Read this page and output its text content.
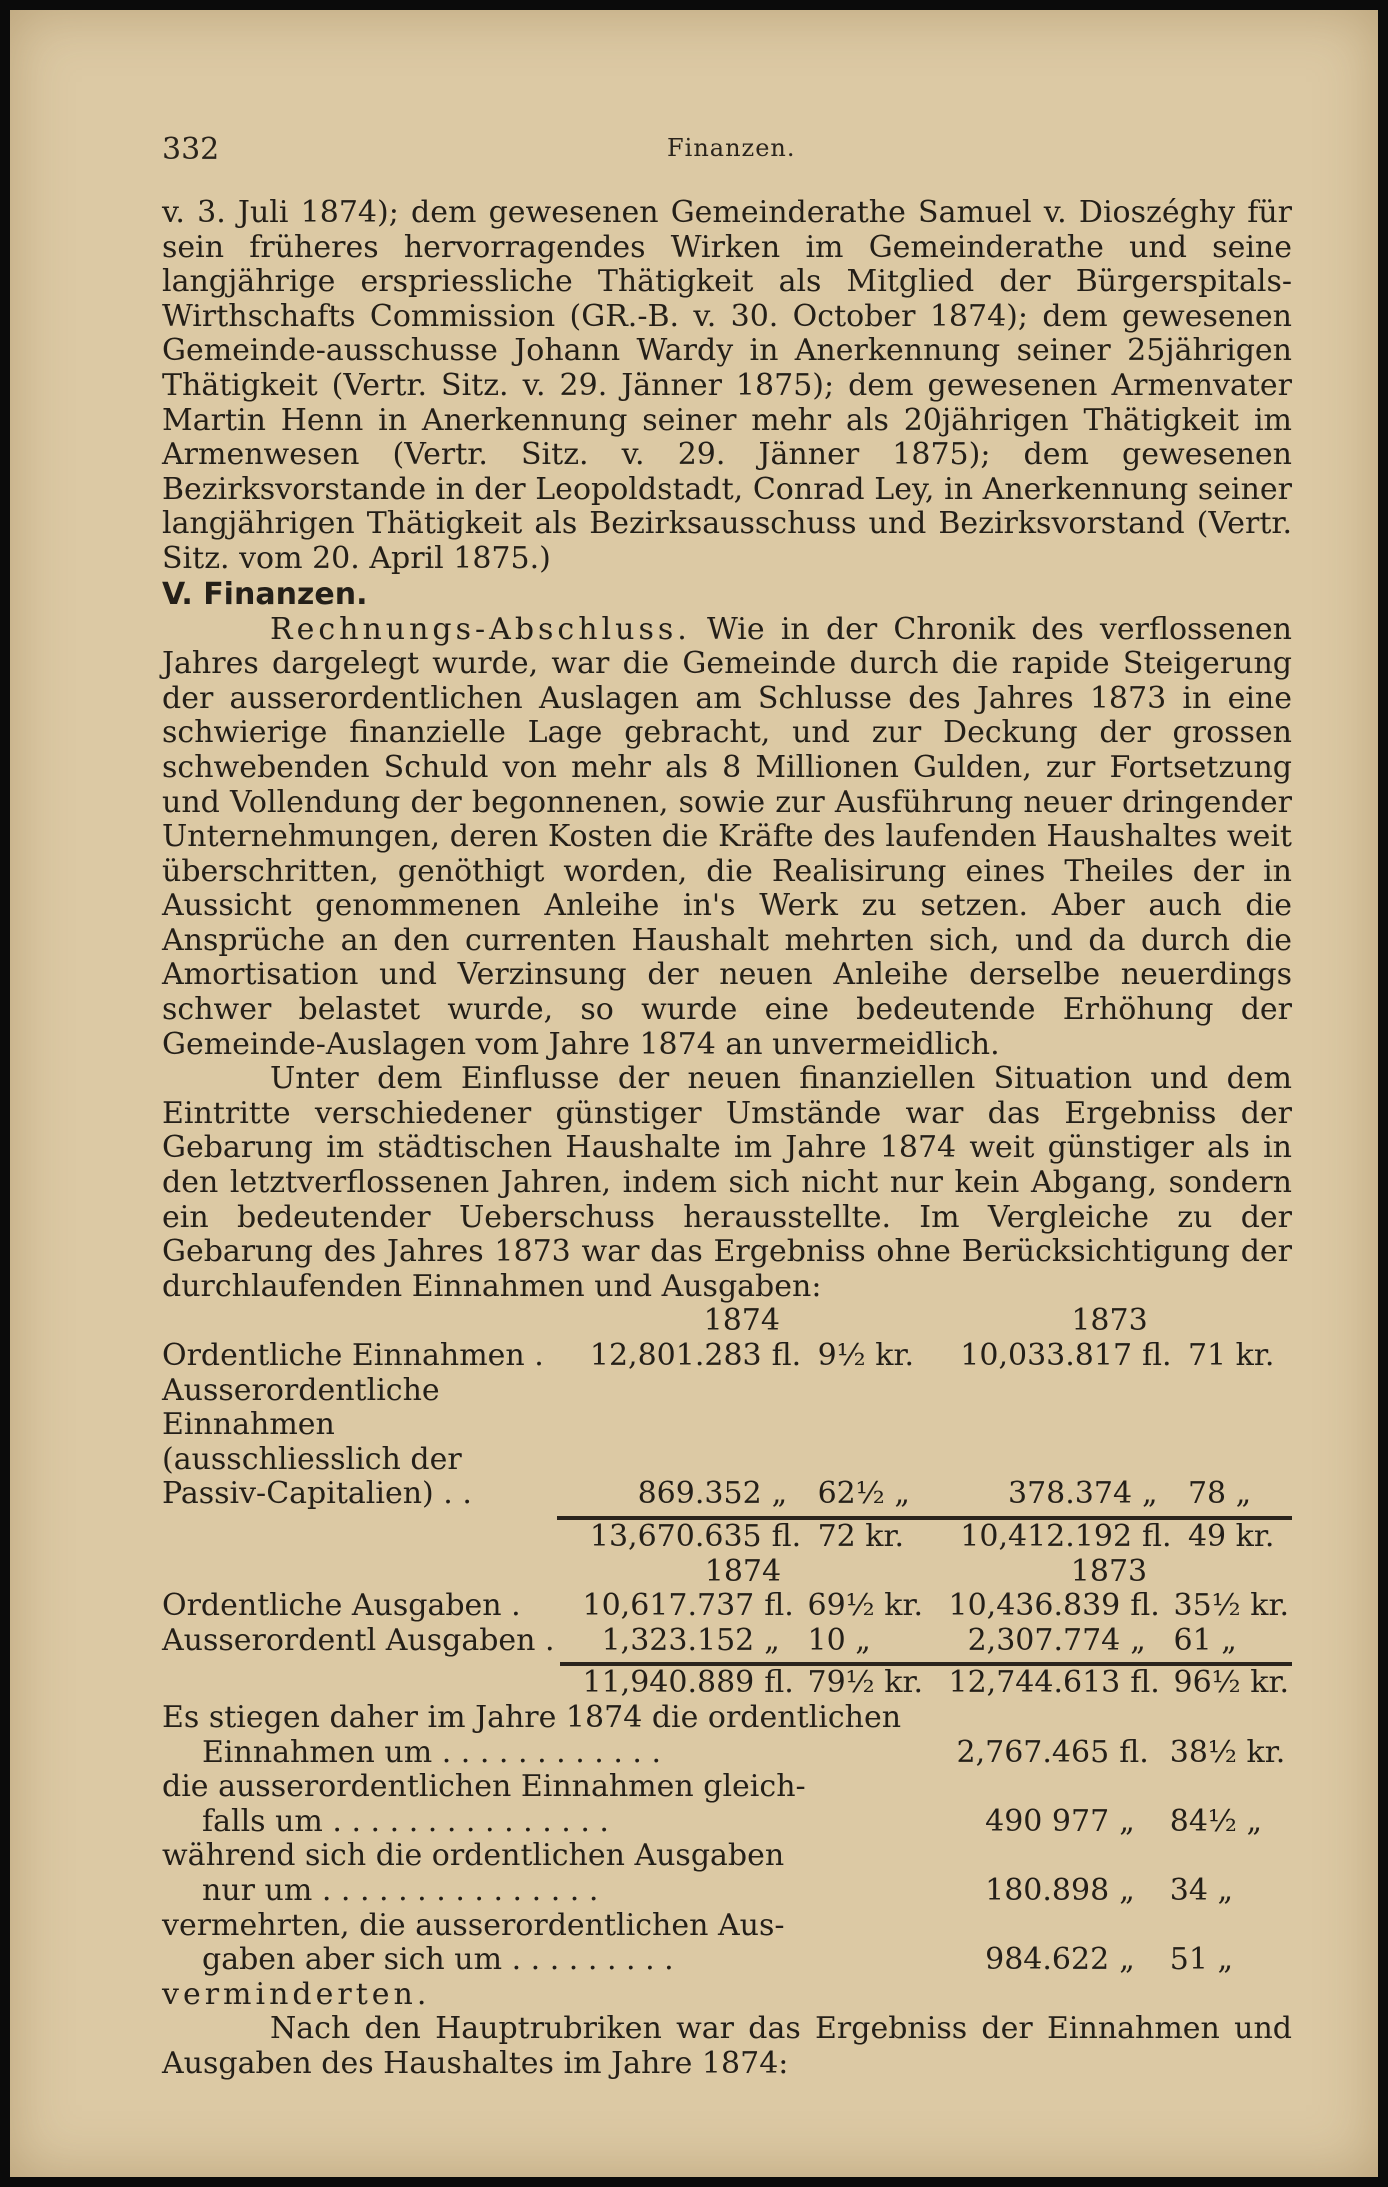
332	Finanzen.

v. 3. Juli 1874); dem gewesenen Gemeinderathe Samuel v. Dioszéghy für sein früheres hervorragendes Wirken im Gemeinderathe und seine langjährige erspriessliche Thätigkeit als Mitglied der Bürgerspitals-Wirthschafts Commission (GR.-B. v. 30. October 1874); dem gewesenen Gemeinde-ausschusse Johann Wardy in Anerkennung seiner 25jährigen Thätigkeit (Vertr. Sitz. v. 29. Jänner 1875); dem gewesenen Armenvater Martin Henn in Anerkennung seiner mehr als 20jährigen Thätigkeit im Armenwesen (Vertr. Sitz. v. 29. Jänner 1875); dem gewesenen Bezirksvorstande in der Leopoldstadt, Conrad Ley, in Anerkennung seiner langjährigen Thätigkeit als Bezirksausschuss und Bezirksvorstand (Vertr. Sitz. vom 20. April 1875.)

V. Finanzen.

Rechnungs-Abschluss. Wie in der Chronik des verflossenen Jahres dargelegt wurde, war die Gemeinde durch die rapide Steigerung der ausserordentlichen Auslagen am Schlusse des Jahres 1873 in eine schwierige finanzielle Lage gebracht, und zur Deckung der grossen schwebenden Schuld von mehr als 8 Millionen Gulden, zur Fortsetzung und Vollendung der begonnenen, sowie zur Ausführung neuer dringender Unternehmungen, deren Kosten die Kräfte des laufenden Haushaltes weit überschritten, genöthigt worden, die Realisirung eines Theiles der in Aussicht genommenen Anleihe in's Werk zu setzen. Aber auch die Ansprüche an den currenten Haushalt mehrten sich, und da durch die Amortisation und Verzinsung der neuen Anleihe derselbe neuerdings schwer belastet wurde, so wurde eine bedeutende Erhöhung der Gemeinde-Auslagen vom Jahre 1874 an unvermeidlich.

Unter dem Einflusse der neuen finanziellen Situation und dem Eintritte verschiedener günstiger Umstände war das Ergebniss der Gebarung im städtischen Haushalte im Jahre 1874 weit günstiger als in den letztverflossenen Jahren, indem sich nicht nur kein Abgang, sondern ein bedeutender Ueberschuss herausstellte. Im Vergleiche zu der Gebarung des Jahres 1873 war das Ergebniss ohne Berücksichtigung der durchlaufenden Einnahmen und Ausgaben:

	1874			1873		
Ordentliche Einnahmen .	12,801.283	fl.	9½ kr.	10,033.817	fl.	71 kr.
Ausserordentliche Einnahmen (ausschliesslich der Passiv-Capitalien) . .	869.352	„	62½ „	378.374	„	78 „

	13,670.635	fl.	72 kr.	10,412.192	fl.	49 kr.
	1874			1873		
Ordentliche Ausgaben .	10,617.737	fl.	69½ kr.	10,436.839	fl.	35½ kr.
Ausserordentl Ausgaben .	1,323.152	„	10 „	2,307.774	„	61 „

	11,940.889	fl.	79½ kr.	12,744.613	fl.	96½ kr.
Es stiegen daher im Jahre 1874 die ordentlichen			
Einnahmen um . . . . . . . . . . . .	2,767.465	fl.	38½ kr.
die ausserordentlichen Einnahmen gleich-			
falls um . . . . . . . . . . . . . . .	490 977	„	84½ „
während sich die ordentlichen Ausgaben			
nur um . . . . . . . . . . . . . . .	180.898	„	34 „
vermehrten, die ausserordentlichen Aus-			
gaben aber sich um . . . . . . . . .	984.622	„	51 „
verminderten.			

Nach den Hauptrubriken war das Ergebniss der Einnahmen und Ausgaben des Haushaltes im Jahre 1874:
